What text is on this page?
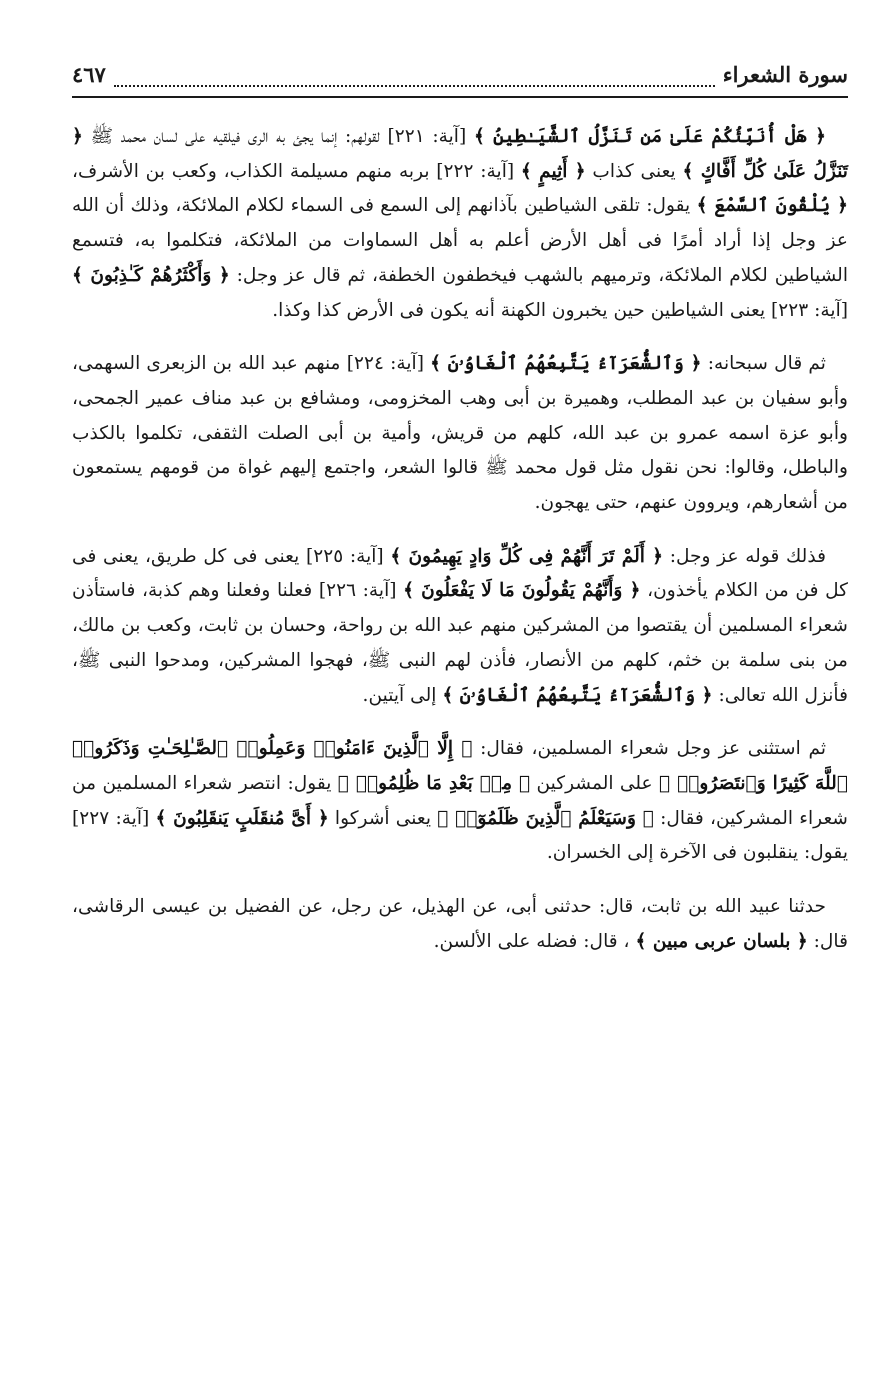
سورة الشعراء
٤٦٧

﴿ هَلْ أُنَبِّئُكُمْ عَلَىٰ مَن تَنَزَّلُ ٱلشَّيَـٰطِينُ ﴾ [آية: ٢٢١] لقولهم: إنما يجئ به الرى فيلقيه على لسان محمد ﷺ ﴿ تَنَزَّلُ عَلَىٰ كُلِّ أَفَّاكٍ ﴾ يعنى كذاب ﴿ أَثِيمٍ ﴾ [آية: ٢٢٢] بربه منهم مسيلمة الكذاب، وكعب بن الأشرف، ﴿ يُلْقُونَ ٱلسَّمْعَ ﴾ يقول: تلقى الشياطين بآذانهم إلى السمع فى السماء لكلام الملائكة، وذلك أن الله عز وجل إذا أراد أمرًا فى أهل الأرض أعلم به أهل السماوات من الملائكة، فتكلموا به، فتسمع الشياطين لكلام الملائكة، وترميهم بالشهب فيخطفون الخطفة، ثم قال عز وجل: ﴿ وَأَكْثَرُهُمْ كَـٰذِبُونَ ﴾ [آية: ٢٢٣] يعنى الشياطين حين يخبرون الكهنة أنه يكون فى الأرض كذا وكذا.

ثم قال سبحانه: ﴿ وَٱلشُّعَرَآءُ يَتَّبِعُهُمُ ٱلْغَاوُۥنَ ﴾ [آية: ٢٢٤] منهم عبد الله بن الزبعرى السهمى، وأبو سفيان بن عبد المطلب، وهميرة بن أبى وهب المخزومى، ومشافع بن عبد مناف عمير الجمحى، وأبو عزة اسمه عمرو بن عبد الله، كلهم من قريش، وأمية بن أبى الصلت الثقفى، تكلموا بالكذب والباطل، وقالوا: نحن نقول مثل قول محمد ﷺ قالوا الشعر، واجتمع إليهم غواة من قومهم يستمعون من أشعارهم، ويروون عنهم، حتى يهجون.

فذلك قوله عز وجل: ﴿ أَلَمْ تَرَ أَنَّهُمْ فِى كُلِّ وَادٍ يَهِيمُونَ ﴾ [آية: ٢٢٥] يعنى فى كل طريق، يعنى فى كل فن من الكلام يأخذون، ﴿ وَأَنَّهُمْ يَقُولُونَ مَا لَا يَفْعَلُونَ ﴾ [آية: ٢٢٦] فعلنا وفعلنا وهم كذبة، فاستأذن شعراء المسلمين أن يقتصوا من المشركين منهم عبد الله بن رواحة، وحسان بن ثابت، وكعب بن مالك، من بنى سلمة بن خثم، كلهم من الأنصار، فأذن لهم النبى ﷺ، فهجوا المشركين، ومدحوا النبى ﷺ، فأنزل الله تعالى: ﴿ وَٱلشُّعَرَآءُ يَتَّبِعُهُمُ ٱلْغَاوُۥنَ ﴾ إلى آيتين.

ثم استثنى عز وجل شعراء المسلمين، فقال: ﴿ إِلَّا ٱلَّذِينَ ءَامَنُوا۟ وَعَمِلُوا۟ ٱلصَّـٰلِحَـٰتِ وَذَكَرُوا۟ ٱللَّهَ كَثِيرًا وَٱنتَصَرُوا۟ ﴾ على المشركين ﴿ مِنۢ بَعْدِ مَا ظُلِمُوا۟ ﴾ يقول: انتصر شعراء المسلمين من شعراء المشركين، فقال: ﴿ وَسَيَعْلَمُ ٱلَّذِينَ ظَلَمُوٓا۟ ﴾ يعنى أشركوا ﴿ أَىَّ مُنقَلَبٍ يَنقَلِبُونَ ﴾ [آية: ٢٢٧] يقول: ينقلبون فى الآخرة إلى الخسران.

حدثنا عبيد الله بن ثابت، قال: حدثنى أبى، عن الهذيل، عن رجل، عن الفضيل بن عيسى الرقاشى، قال: ﴿ بلسان عربى مبين ﴾ ، قال: فضله على الألسن.
